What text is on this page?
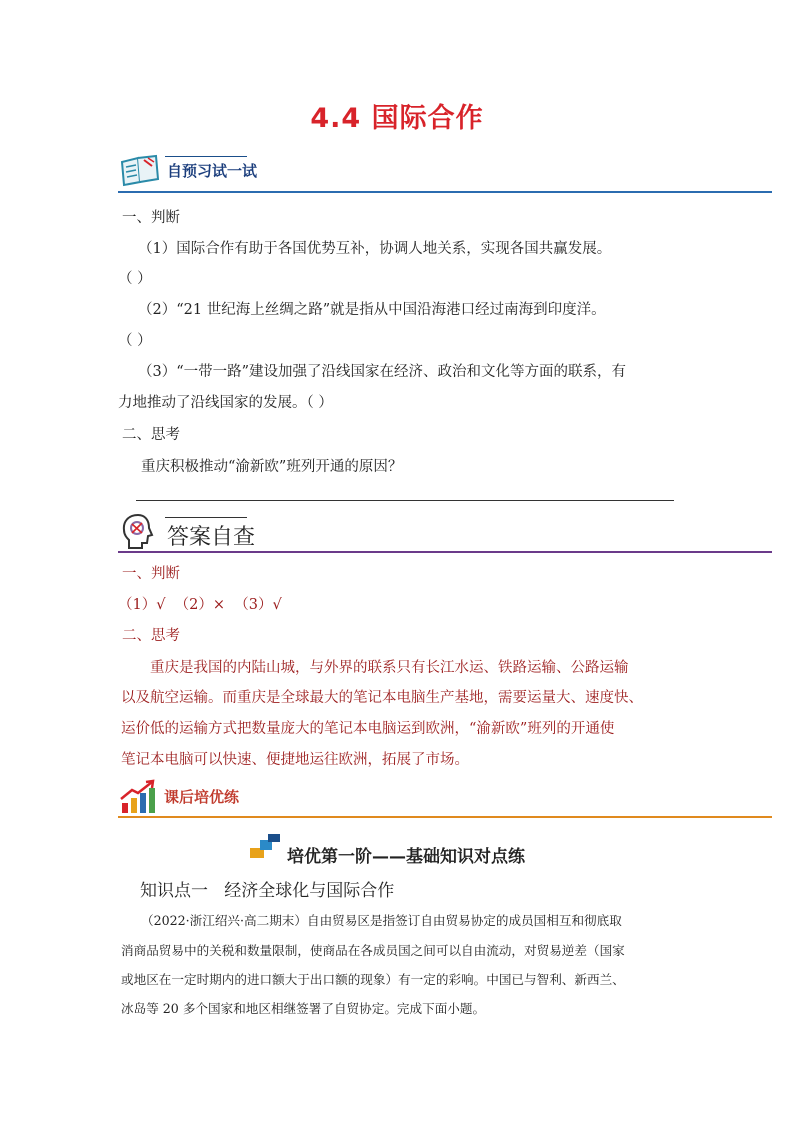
4.4 国际合作
自预习试一试
一、判断
（1）国际合作有助于各国优势互补，协调人地关系，实现各国共赢发展。
（ ）
（2）“21 世纪海上丝绸之路”就是指从中国沿海港口经过南海到印度洋。
（ ）
（3）“一带一路”建设加强了沿线国家在经济、政治和文化等方面的联系，有
力地推动了沿线国家的发展。（ ）
二、思考
重庆积极推动“渝新欧”班列开通的原因？
答案自查
一、判断
（1）√  （2）×  （3）√
二、思考
重庆是我国的内陆山城，与外界的联系只有长江水运、铁路运输、公路运输
以及航空运输。而重庆是全球最大的笔记本电脑生产基地，需要运量大、速度快、
运价低的运输方式把数量庞大的笔记本电脑运到欧洲，“渝新欧”班列的开通使
笔记本电脑可以快速、便捷地运往欧洲，拓展了市场。
课后培优练
培优第一阶——基础知识对点练
知识点一   经济全球化与国际合作
（2022·浙江绍兴·高二期末）自由贸易区是指签订自由贸易协定的成员国相互和彻底取
消商品贸易中的关税和数量限制，使商品在各成员国之间可以自由流动，对贸易逆差（国家
或地区在一定时期内的进口额大于出口额的现象）有一定的彩响。中国已与智利、新西兰、
冰岛等 20 多个国家和地区相继签署了自贸协定。完成下面小题。
